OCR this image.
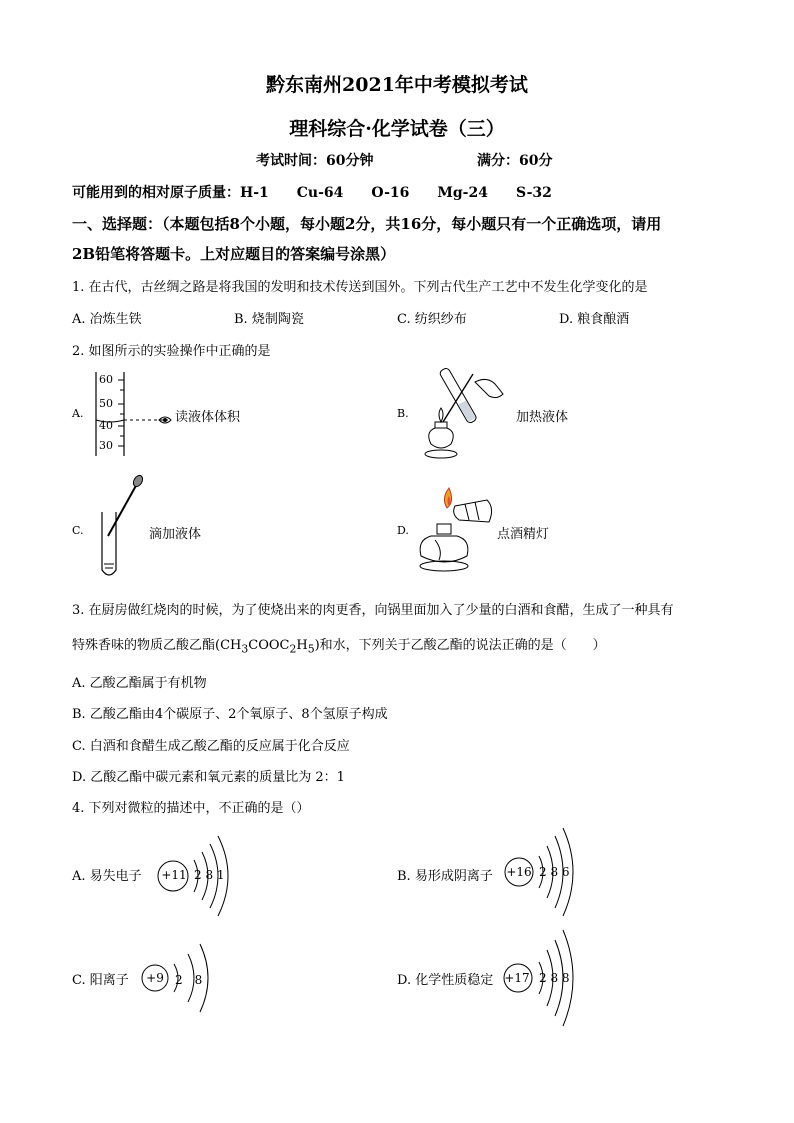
黔东南州2021年中考模拟考试
理科综合·化学试卷（三）
考试时间：60分钟	满分：60分
可能用到的相对原子质量：H-1　　Cu-64　　O-16　　Mg-24　　S-32
一、选择题：（本题包括8个小题，每小题2分，共16分，每小题只有一个正确选项，请用
2B铅笔将答题卡。上对应题目的答案编号涂黑）
1. 在古代，古丝绸之路是将我国的发明和技术传送到国外。下列古代生产工艺中不发生化学变化的是
A. 冶炼生铁	B. 烧制陶瓷	C. 纺织纱布	D. 粮食酿酒
2. 如图所示的实验操作中正确的是
A.
60
50
40
30
读液体体积	B.	加热液体
C.	滴加液体	D.	点酒精灯
3. 在厨房做红烧肉的时候，为了使烧出来的肉更香，向锅里面加入了少量的白酒和食醋，生成了一种具有
特殊香味的物质乙酸乙酯$(CH_3COOC_2H_5)$和水，下列关于乙酸乙酯的说法正确的是（　　）
A. 乙酸乙酯属于有机物
B. 乙酸乙酯由4个碳原子、2个氧原子、8个氢原子构成
C. 白酒和食醋生成乙酸乙酯的反应属于化合反应
D. 乙酸乙酯中碳元素和氧元素的质量比为 2：1
4. 下列对微粒的描述中，不正确的是（）
A. 易失电子	+11 2 8 1	B. 易形成阴离子 +16 2 8 6
C. 阳离子	+9 2　8	D. 化学性质稳定 +17 2 8 8
